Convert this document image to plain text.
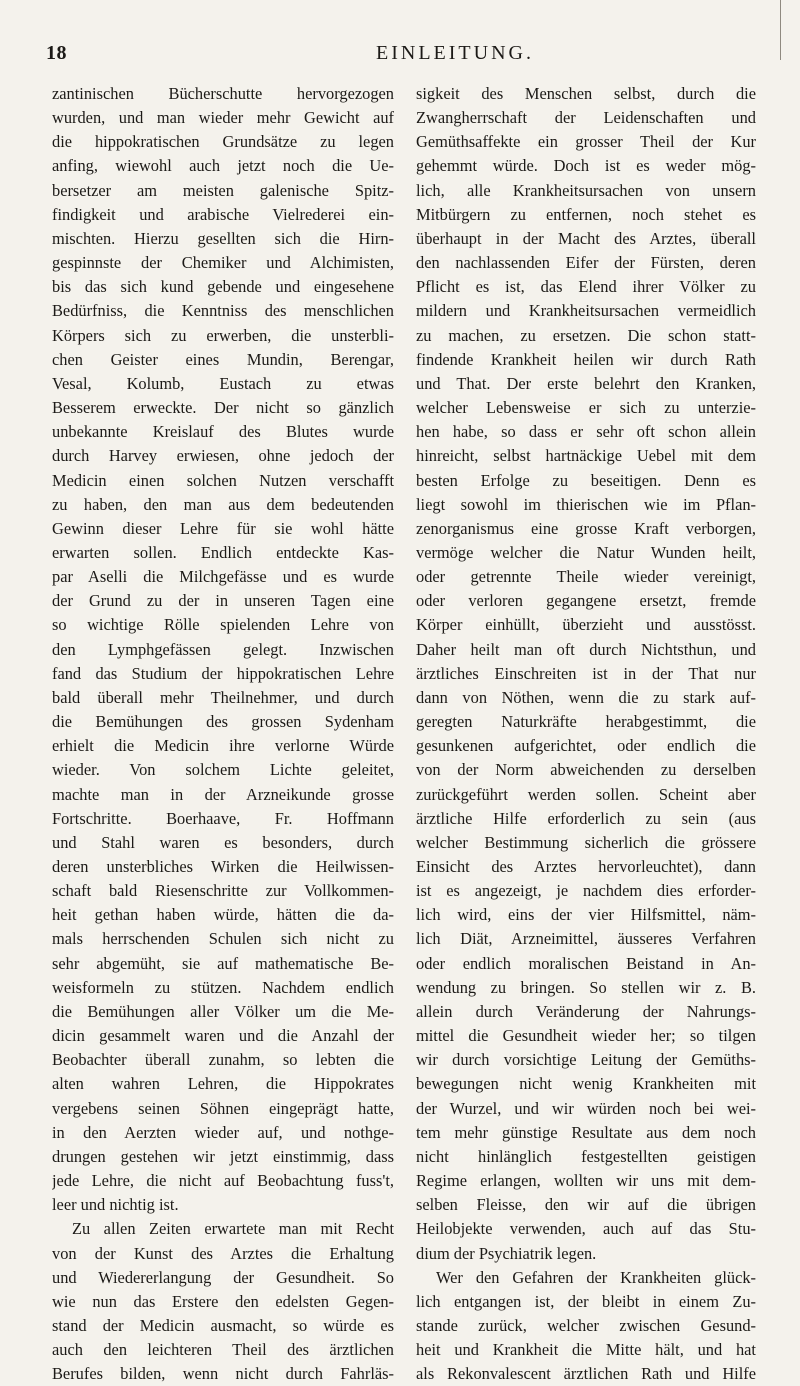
18	EINLEITUNG.
zantinischen Bücherschutte hervorgezogen
wurden, und man wieder mehr Gewicht auf
die hippokratischen Grundsätze zu legen
anfing, wiewohl auch jetzt noch die Ue-
bersetzer am meisten galenische Spitz-
findigkeit und arabische Vielrederei ein-
mischten. Hierzu gesellten sich die Hirn-
gespinnste der Chemiker und Alchimisten,
bis das sich kund gebende und eingesehene
Bedürfniss, die Kenntniss des menschlichen
Körpers sich zu erwerben, die unsterbli-
chen Geister eines Mundin, Berengar,
Vesal, Kolumb, Eustach zu etwas
Besserem erweckte. Der nicht so gänzlich
unbekannte Kreislauf des Blutes wurde
durch Harvey erwiesen, ohne jedoch der
Medicin einen solchen Nutzen verschafft
zu haben, den man aus dem bedeutenden
Gewinn dieser Lehre für sie wohl hätte
erwarten sollen. Endlich entdeckte Kas-
par Aselli die Milchgefässe und es wurde
der Grund zu der in unseren Tagen eine
so wichtige Rölle spielenden Lehre von
den Lymphgefässen gelegt. Inzwischen
fand das Studium der hippokratischen Lehre
bald überall mehr Theilnehmer, und durch
die Bemühungen des grossen Sydenham
erhielt die Medicin ihre verlorne Würde
wieder. Von solchem Lichte geleitet,
machte man in der Arzneikunde grosse
Fortschritte. Boerhaave, Fr. Hoffmann
und Stahl waren es besonders, durch
deren unsterbliches Wirken die Heilwissen-
schaft bald Riesenschritte zur Vollkommen-
heit gethan haben würde, hätten die da-
mals herrschenden Schulen sich nicht zu
sehr abgemüht, sie auf mathematische Be-
weisformeln zu stützen. Nachdem endlich
die Bemühungen aller Völker um die Me-
dicin gesammelt waren und die Anzahl der
Beobachter überall zunahm, so lebten die
alten wahren Lehren, die Hippokrates
vergebens seinen Söhnen eingeprägt hatte,
in den Aerzten wieder auf, und nothge-
drungen gestehen wir jetzt einstimmig, dass
jede Lehre, die nicht auf Beobachtung fuss't,
leer und nichtig ist.
Zu allen Zeiten erwartete man mit Recht
von der Kunst des Arztes die Erhaltung
und Wiedererlangung der Gesundheit. So
wie nun das Erstere den edelsten Gegen-
stand der Medicin ausmacht, so würde es
auch den leichteren Theil des ärztlichen
Berufes bilden, wenn nicht durch Fahrläs-
sigkeit des Menschen selbst, durch die
Zwangherrschaft der Leidenschaften und
Gemüthsaffekte ein grosser Theil der Kur
gehemmt würde. Doch ist es weder mög-
lich, alle Krankheitsursachen von unsern
Mitbürgern zu entfernen, noch stehet es
überhaupt in der Macht des Arztes, überall
den nachlassenden Eifer der Fürsten, deren
Pflicht es ist, das Elend ihrer Völker zu
mildern und Krankheitsursachen vermeidlich
zu machen, zu ersetzen. Die schon statt-
findende Krankheit heilen wir durch Rath
und That. Der erste belehrt den Kranken,
welcher Lebensweise er sich zu unterzie-
hen habe, so dass er sehr oft schon allein
hinreicht, selbst hartnäckige Uebel mit dem
besten Erfolge zu beseitigen. Denn es
liegt sowohl im thierischen wie im Pflan-
zenorganismus eine grosse Kraft verborgen,
vermöge welcher die Natur Wunden heilt,
oder getrennte Theile wieder vereinigt,
oder verloren gegangene ersetzt, fremde
Körper einhüllt, überzieht und ausstösst.
Daher heilt man oft durch Nichtsthun, und
ärztliches Einschreiten ist in der That nur
dann von Nöthen, wenn die zu stark auf-
geregten Naturkräfte herabgestimmt, die
gesunkenen aufgerichtet, oder endlich die
von der Norm abweichenden zu derselben
zurückgeführt werden sollen. Scheint aber
ärztliche Hilfe erforderlich zu sein (aus
welcher Bestimmung sicherlich die grössere
Einsicht des Arztes hervorleuchtet), dann
ist es angezeigt, je nachdem dies erforder-
lich wird, eins der vier Hilfsmittel, näm-
lich Diät, Arzneimittel, äusseres Verfahren
oder endlich moralischen Beistand in An-
wendung zu bringen. So stellen wir z. B.
allein durch Veränderung der Nahrungs-
mittel die Gesundheit wieder her; so tilgen
wir durch vorsichtige Leitung der Gemüths-
bewegungen nicht wenig Krankheiten mit
der Wurzel, und wir würden noch bei wei-
tem mehr günstige Resultate aus dem noch
nicht hinlänglich festgestellten geistigen
Regime erlangen, wollten wir uns mit dem-
selben Fleisse, den wir auf die übrigen
Heilobjekte verwenden, auch auf das Stu-
dium der Psychiatrik legen.
Wer den Gefahren der Krankheiten glück-
lich entgangen ist, der bleibt in einem Zu-
stande zurück, welcher zwischen Gesund-
heit und Krankheit die Mitte hält, und hat
als Rekonvalescent ärztlichen Rath und Hilfe
